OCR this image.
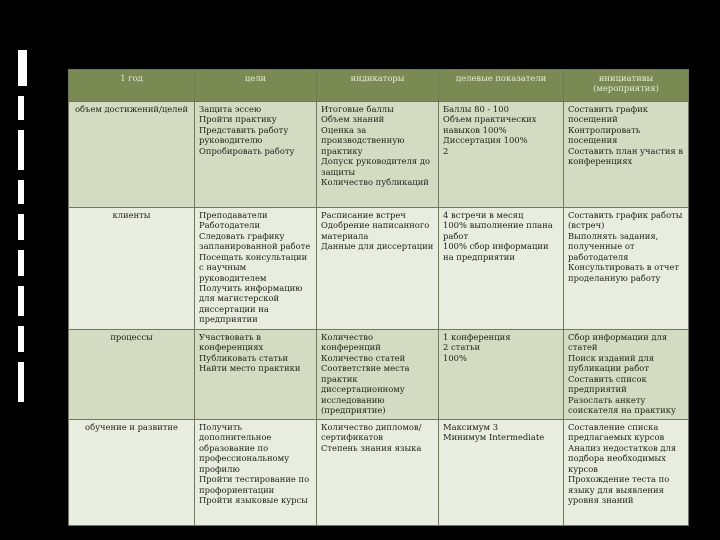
1 год	цели	индикаторы	целевые показатели	инициативы (мероприятия)
объем достижений/целей	Защита эссею
Пройти практику
Представить работу руководителю
Опробировать работу	Итоговые баллы
Объем знаний
Оценка за производственную практику
Допуск руководителя до защиты
Количество публикаций	Баллы 80 - 100
Объем практических навыков 100%
Диссертация 100%
2	Составить график посещений
Контролировать посещения
Составить план участия в конференциях

клиенты	Преподаватели
Работодатели
Следовать графику запланированной работе
Посещать консультации с научным руководителем
Получить информацию для магистерской диссертации на предприятии	Расписание встреч
Одобрение написанного материала
Данные для диссертации	4 встречи в месяц
100% выполнение плана работ
100% сбор информации на предприятии	Составить график работы (встреч)
Выполнять задания, полученные от работодателя
Консультировать в отчет проделанную работу

процессы	Участвовать в конференциях
Публиковать статьи
Найти место практики	Количество конференций
Количество статей
Соответствие места практик диссертационному исследованию (предприятие)	1 конференция
2 статьи
100%	Сбор информации для статей
Поиск изданий для публикации работ
Составить список предприятий
Разослать анкету соискателя на практику

обучение и развитие	Получить дополнительное образование по профессиональному профилю
Пройти тестирование по профориентации
Пройти языковые курсы	Количество дипломов/сертификатов
Степень знания языка	Максимум 3
Минимум Intermediate	Составление списка предлагаемых курсов
Анализ недостатков для подбора необходимых курсов
Прохождение теста по языку для выявления уровня знаний
